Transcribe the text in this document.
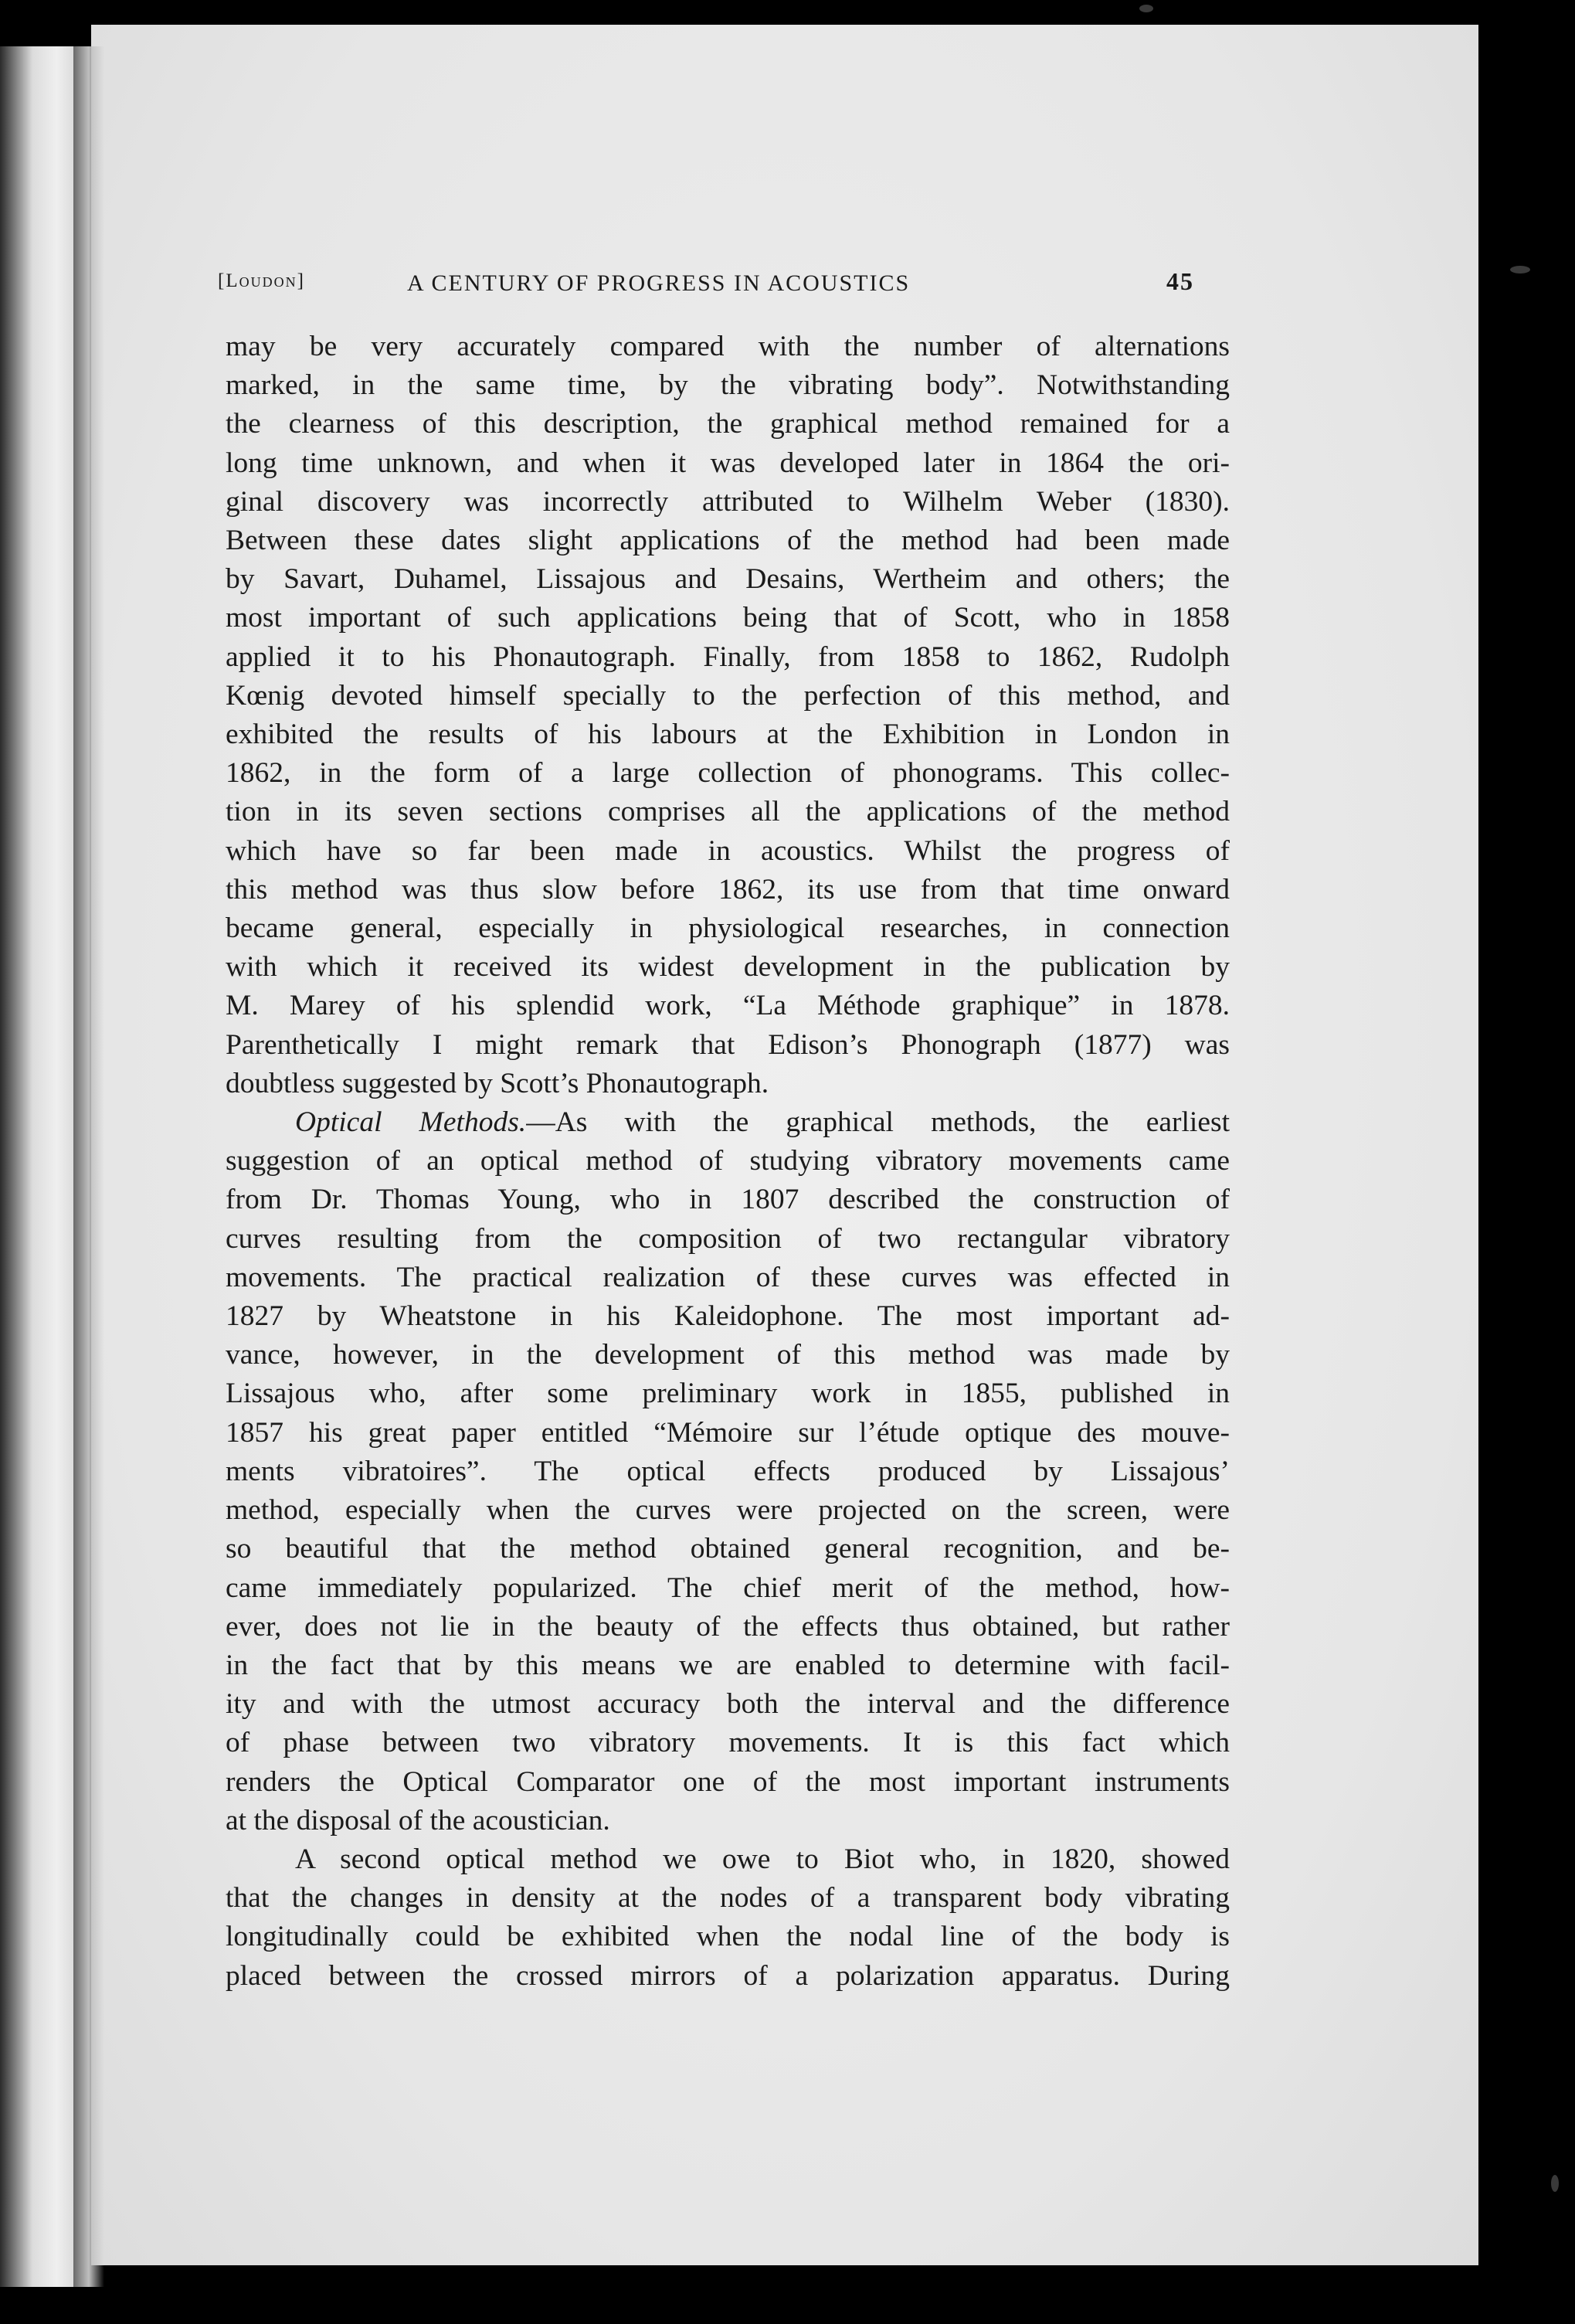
[Loudon]	A CENTURY OF PROGRESS IN ACOUSTICS	45
may be very accurately compared with the number of alternations
marked, in the same time, by the vibrating body”. Notwithstanding
the clearness of this description, the graphical method remained for a
long time unknown, and when it was developed later in 1864 the ori-
ginal discovery was incorrectly attributed to Wilhelm Weber (1830).
Between these dates slight applications of the method had been made
by Savart, Duhamel, Lissajous and Desains, Wertheim and others; the
most important of such applications being that of Scott, who in 1858
applied it to his Phonautograph. Finally, from 1858 to 1862, Rudolph
Kœnig devoted himself specially to the perfection of this method, and
exhibited the results of his labours at the Exhibition in London in
1862, in the form of a large collection of phonograms. This collec-
tion in its seven sections comprises all the applications of the method
which have so far been made in acoustics. Whilst the progress of
this method was thus slow before 1862, its use from that time onward
became general, especially in physiological researches, in connection
with which it received its widest development in the publication by
M. Marey of his splendid work, “La Méthode graphique” in 1878.
Parenthetically I might remark that Edison’s Phonograph (1877) was
doubtless suggested by Scott’s Phonautograph.
Optical Methods.—As with the graphical methods, the earliest
suggestion of an optical method of studying vibratory movements came
from Dr. Thomas Young, who in 1807 described the construction of
curves resulting from the composition of two rectangular vibratory
movements. The practical realization of these curves was effected in
1827 by Wheatstone in his Kaleidophone. The most important ad-
vance, however, in the development of this method was made by
Lissajous who, after some preliminary work in 1855, published in
1857 his great paper entitled “Mémoire sur l’étude optique des mouve-
ments vibratoires”. The optical effects produced by Lissajous’
method, especially when the curves were projected on the screen, were
so beautiful that the method obtained general recognition, and be-
came immediately popularized. The chief merit of the method, how-
ever, does not lie in the beauty of the effects thus obtained, but rather
in the fact that by this means we are enabled to determine with facil-
ity and with the utmost accuracy both the interval and the difference
of phase between two vibratory movements. It is this fact which
renders the Optical Comparator one of the most important instruments
at the disposal of the acoustician.
A second optical method we owe to Biot who, in 1820, showed
that the changes in density at the nodes of a transparent body vibrating
longitudinally could be exhibited when the nodal line of the body is
placed between the crossed mirrors of a polarization apparatus. During
